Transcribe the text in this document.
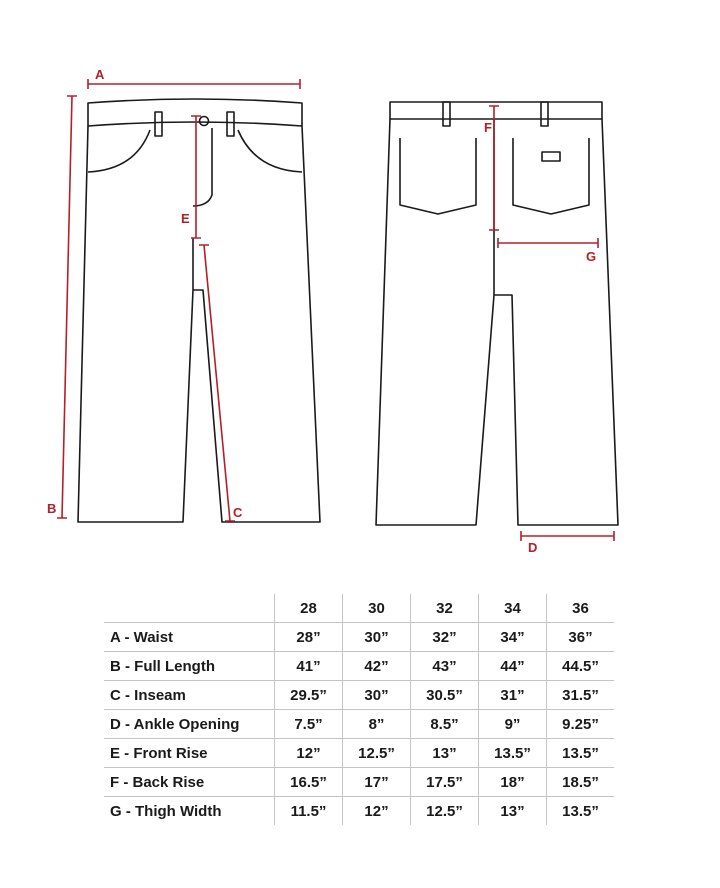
A
B	C
D
E
F
G
	28	30	32	34	36
A - Waist	28”	30”	32”	34”	36”
B - Full Length	41”	42”	43”	44”	44.5”
C - Inseam	29.5”	30”	30.5”	31”	31.5”
D - Ankle Opening	7.5”	8”	8.5”	9”	9.25”
E - Front Rise	12”	12.5”	13”	13.5”	13.5”
F - Back Rise	16.5”	17”	17.5”	18”	18.5”
G - Thigh Width	11.5”	12”	12.5”	13”	13.5”
